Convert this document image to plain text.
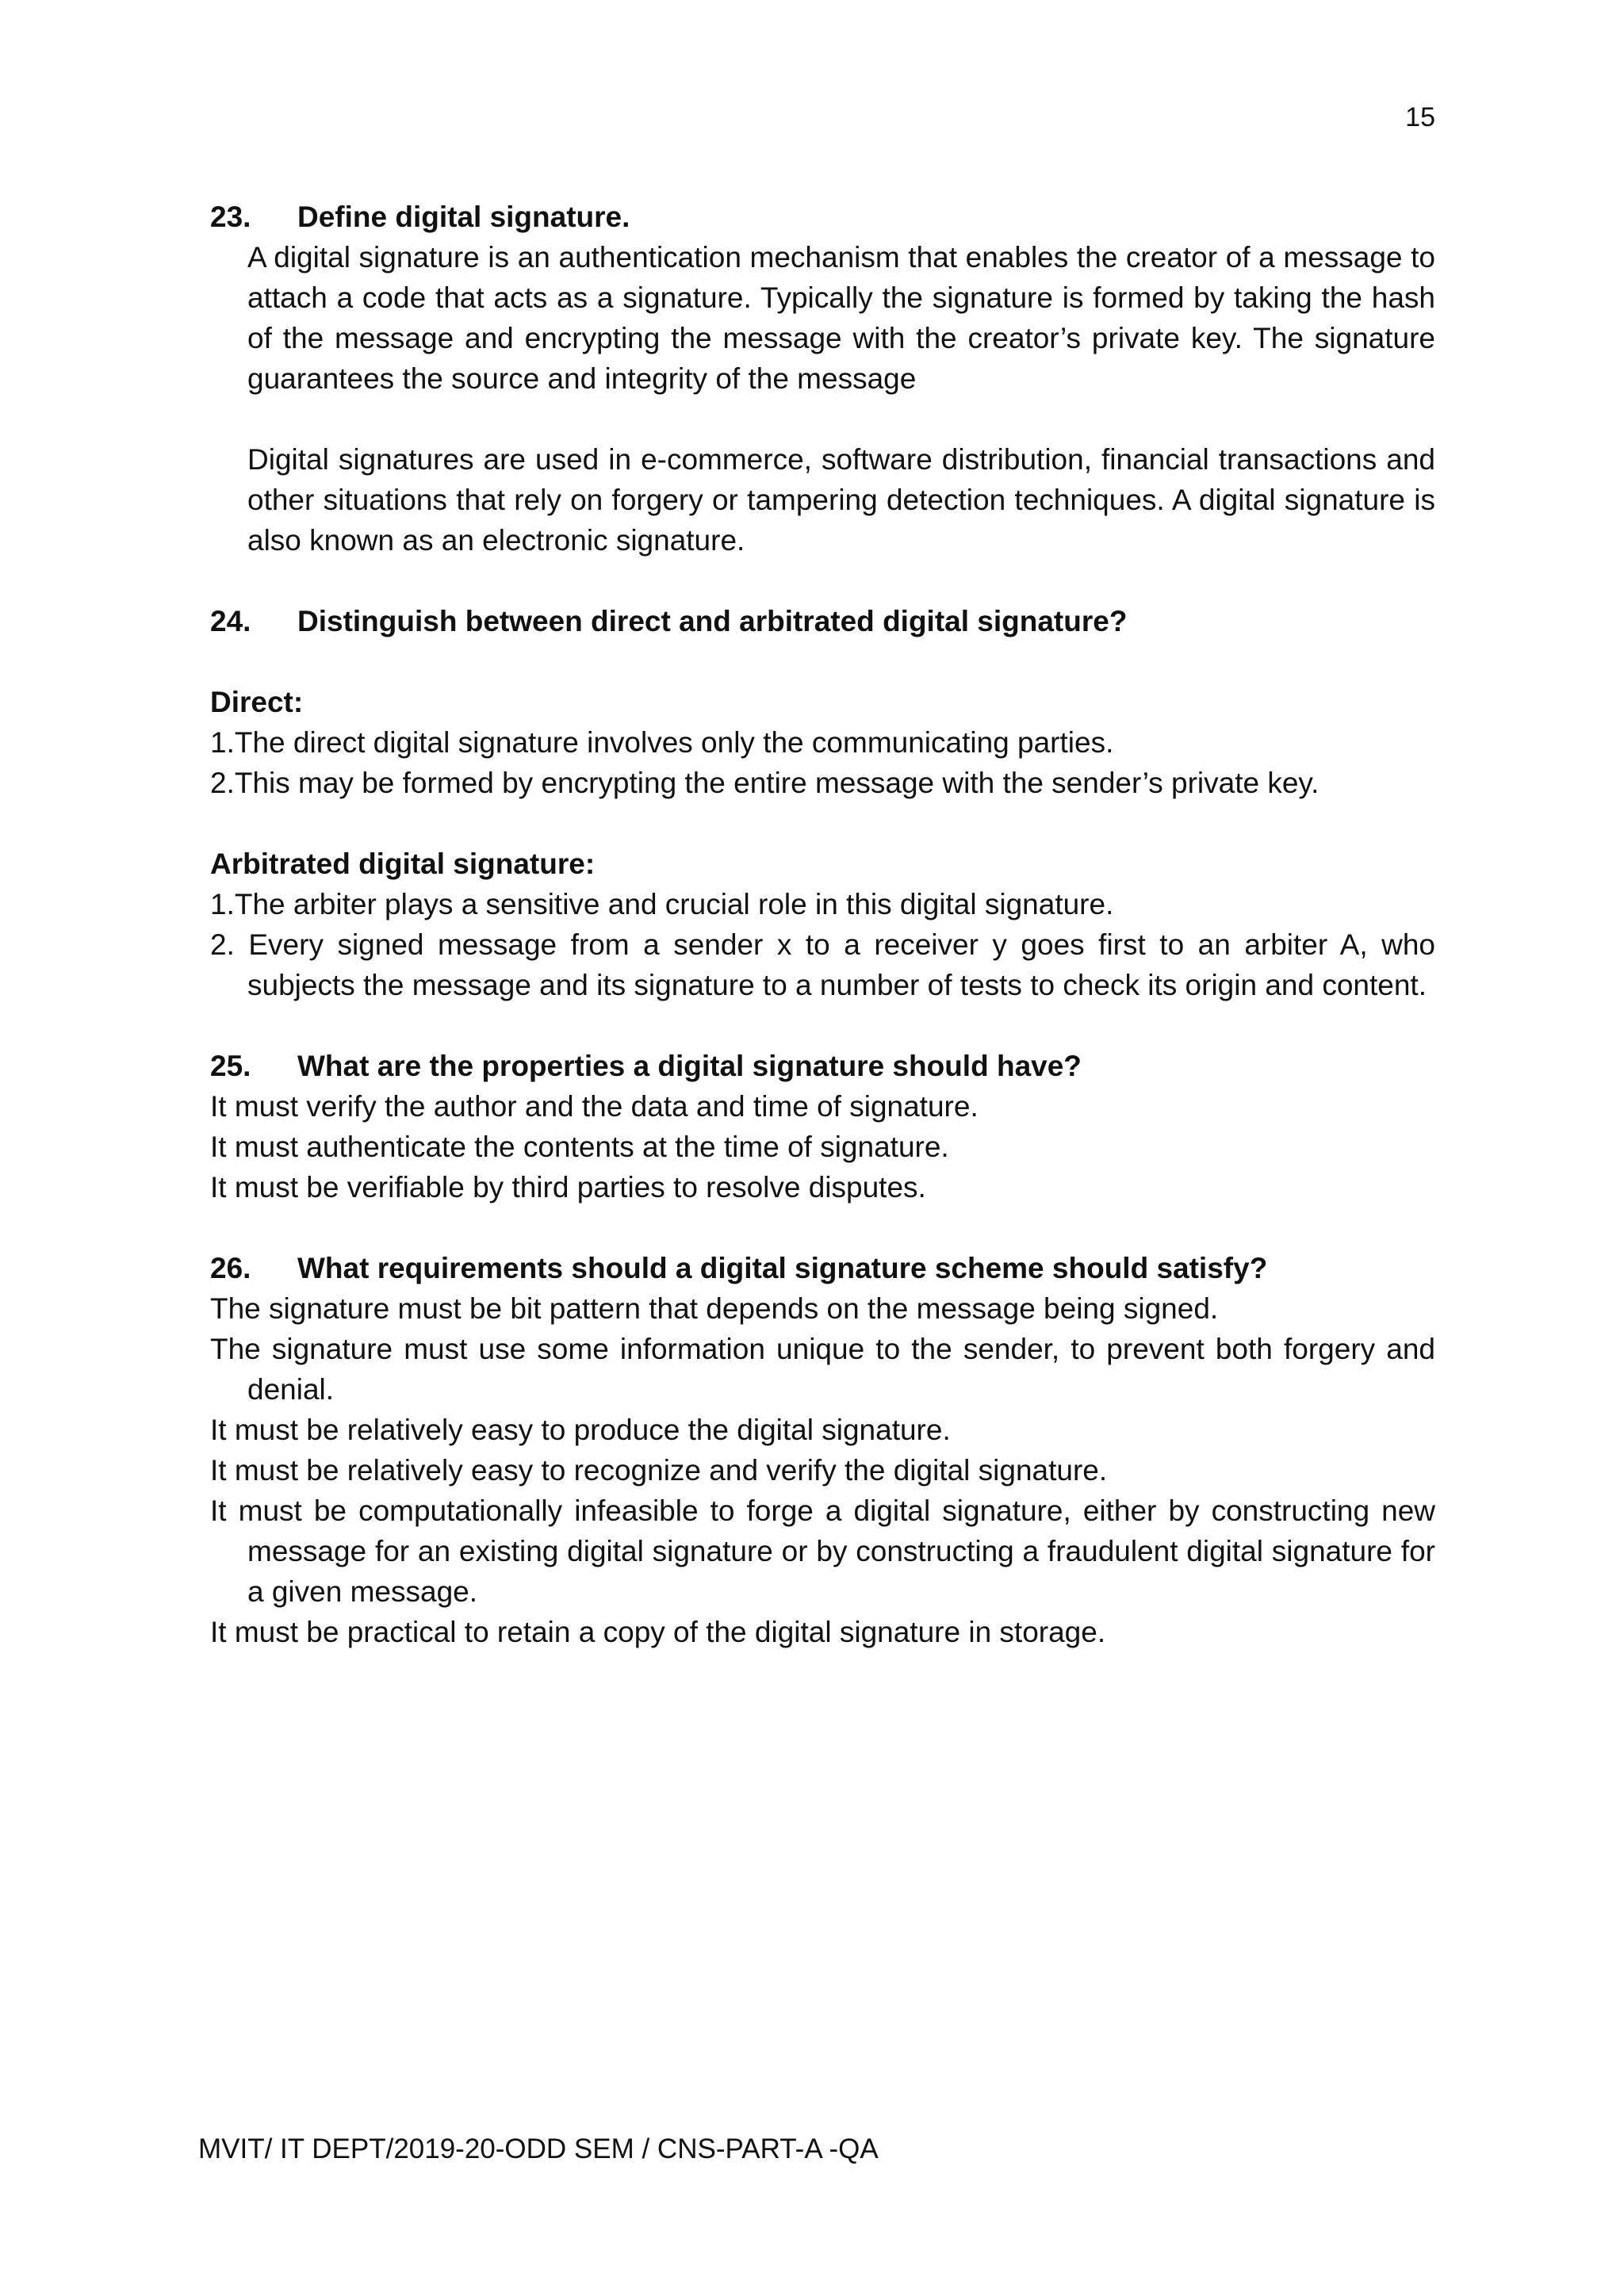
15
23.	Define digital signature.

A digital signature is an authentication mechanism that enables the creator of a message to attach a code that acts as a signature. Typically the signature is formed by taking the hash of the message and encrypting the message with the creator’s private key. The signature guarantees the source and integrity of the message

Digital signatures are used in e-commerce, software distribution, financial transactions and other situations that rely on forgery or tampering detection techniques. A digital signature is also known as an electronic signature.

24.	Distinguish between direct and arbitrated digital signature?

Direct:

1.The direct digital signature involves only the communicating parties.

2.This may be formed by encrypting the entire message with the sender’s private key.

Arbitrated digital signature:

1.The arbiter plays a sensitive and crucial role in this digital signature.

2. Every signed message from a sender x to a receiver y goes first to an arbiter A, who subjects the message and its signature to a number of tests to check its origin and content.

25.	What are the properties a digital signature should have?

It must verify the author and the data and time of signature.

It must authenticate the contents at the time of signature.

It must be verifiable by third parties to resolve disputes.

26.	What requirements should a digital signature scheme should satisfy?

The signature must be bit pattern that depends on the message being signed.

The signature must use some information unique to the sender, to prevent both forgery and denial.

It must be relatively easy to produce the digital signature.

It must be relatively easy to recognize and verify the digital signature.

It must be computationally infeasible to forge a digital signature, either by constructing new message for an existing digital signature or by constructing a fraudulent digital signature for a given message.

It must be practical to retain a copy of the digital signature in storage.

MVIT/ IT DEPT/2019-20-ODD SEM / CNS-PART-A -QA
